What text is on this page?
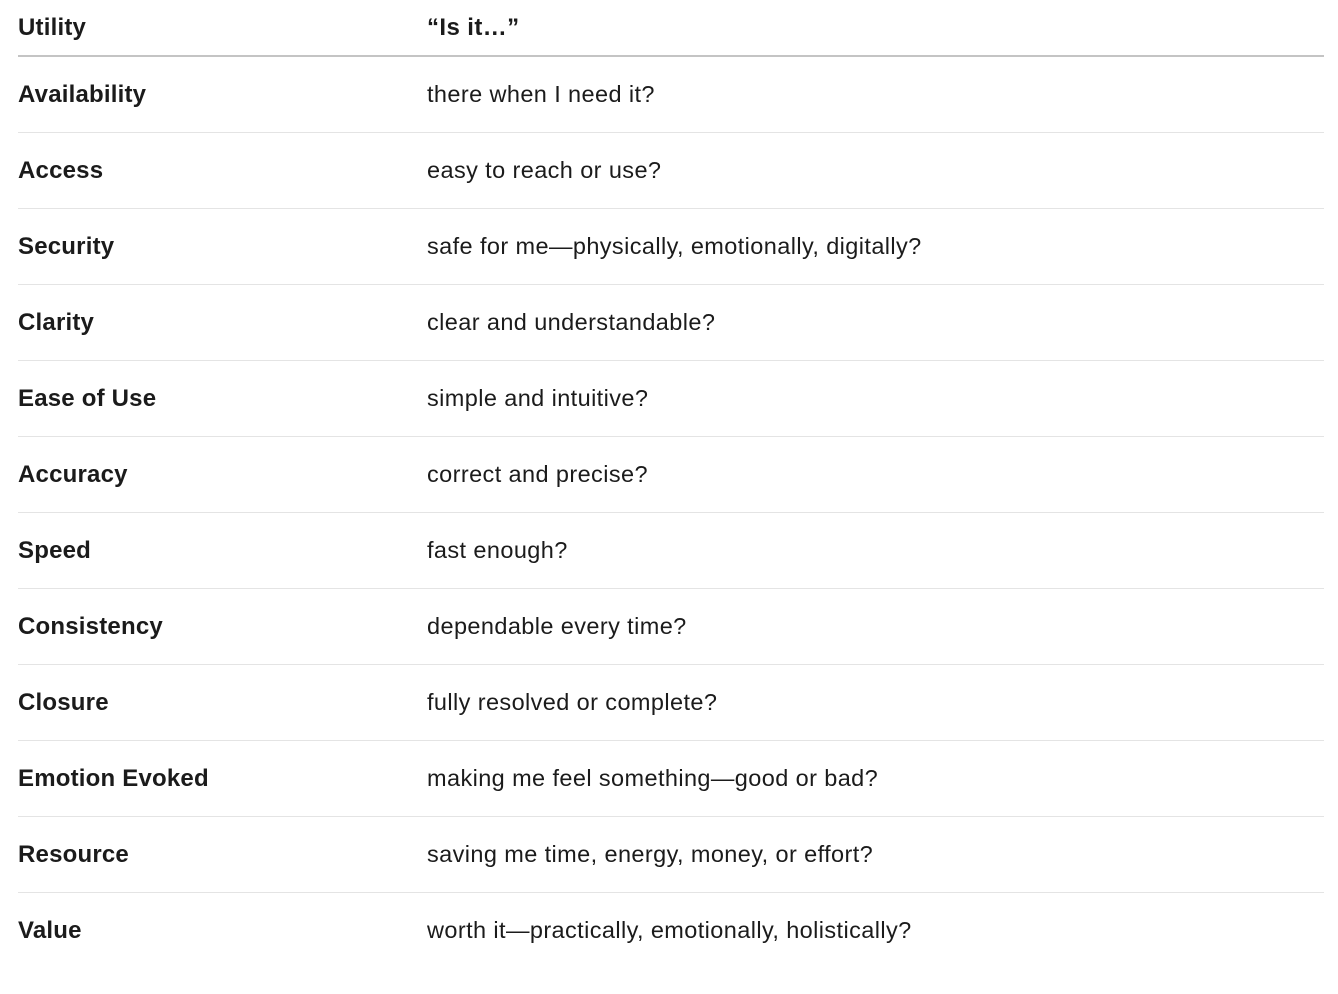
Utility	“Is it…”
Availability	there when I need it?
Access	easy to reach or use?
Security	safe for me—physically, emotionally, digitally?
Clarity	clear and understandable?
Ease of Use	simple and intuitive?
Accuracy	correct and precise?
Speed	fast enough?
Consistency	dependable every time?
Closure	fully resolved or complete?
Emotion Evoked	making me feel something—good or bad?
Resource	saving me time, energy, money, or effort?
Value	worth it—practically, emotionally, holistically?
